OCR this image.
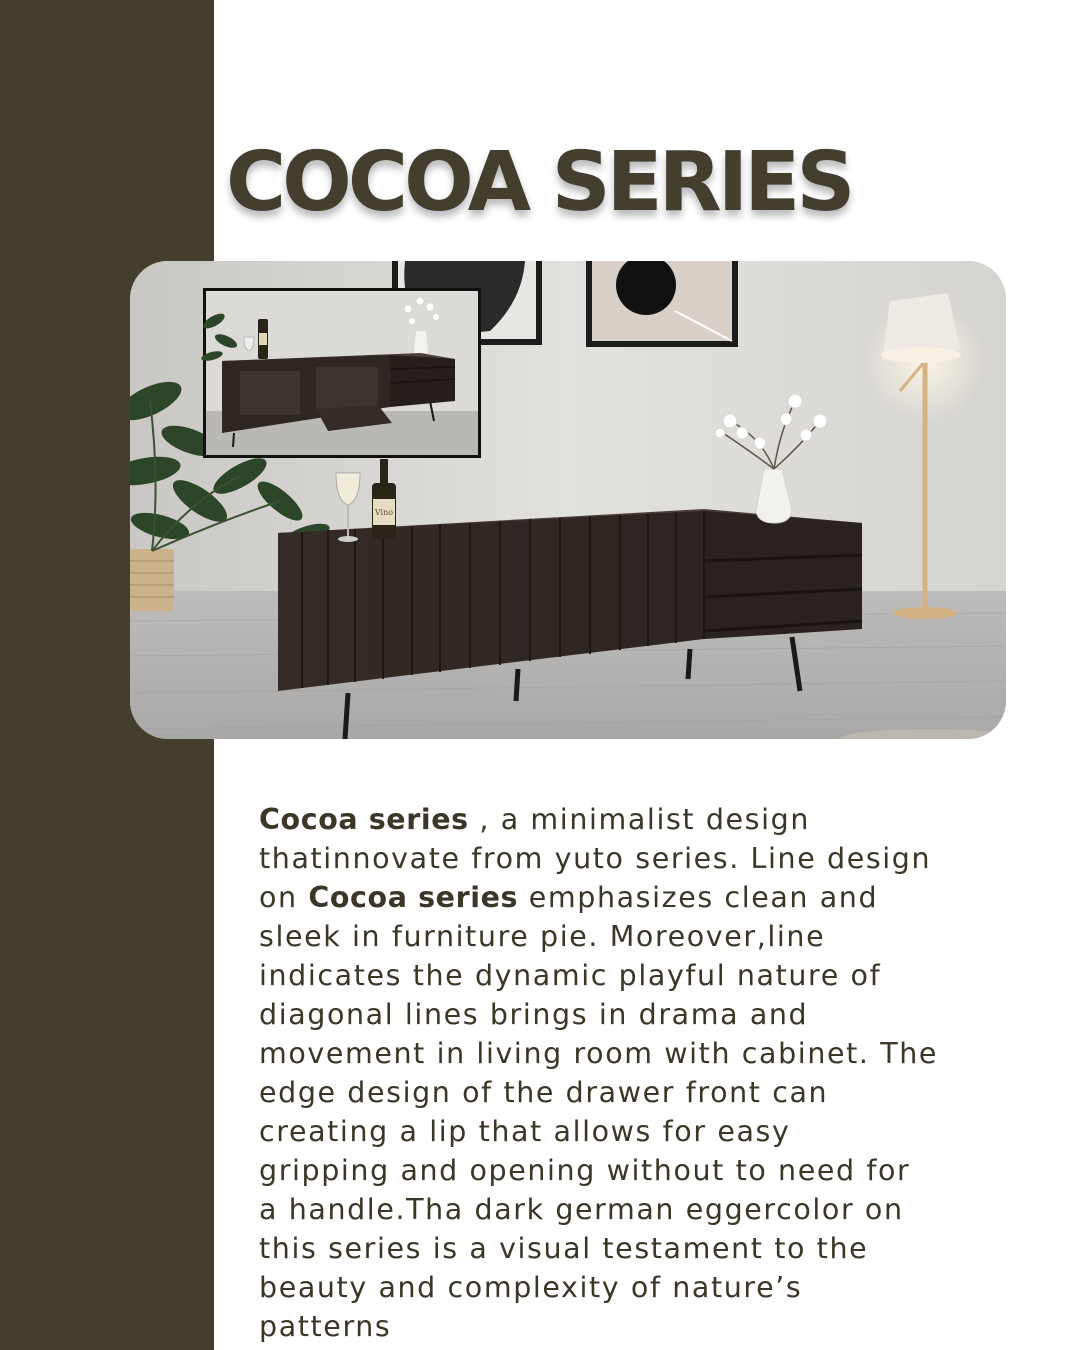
COCOA SERIES
Vino

Cocoa series , a minimalist design
thatinnovate from yuto series. Line design
on Cocoa series emphasizes clean and
sleek in furniture pie. Moreover,line
indicates the dynamic playful nature of
diagonal lines brings in drama and
movement in living room with cabinet. The
edge design of the drawer front can
creating a lip that allows for easy
gripping and opening without to need for
a handle.Tha dark german eggercolor on
this series is a visual testament to the
beauty and complexity of nature’s
patterns
